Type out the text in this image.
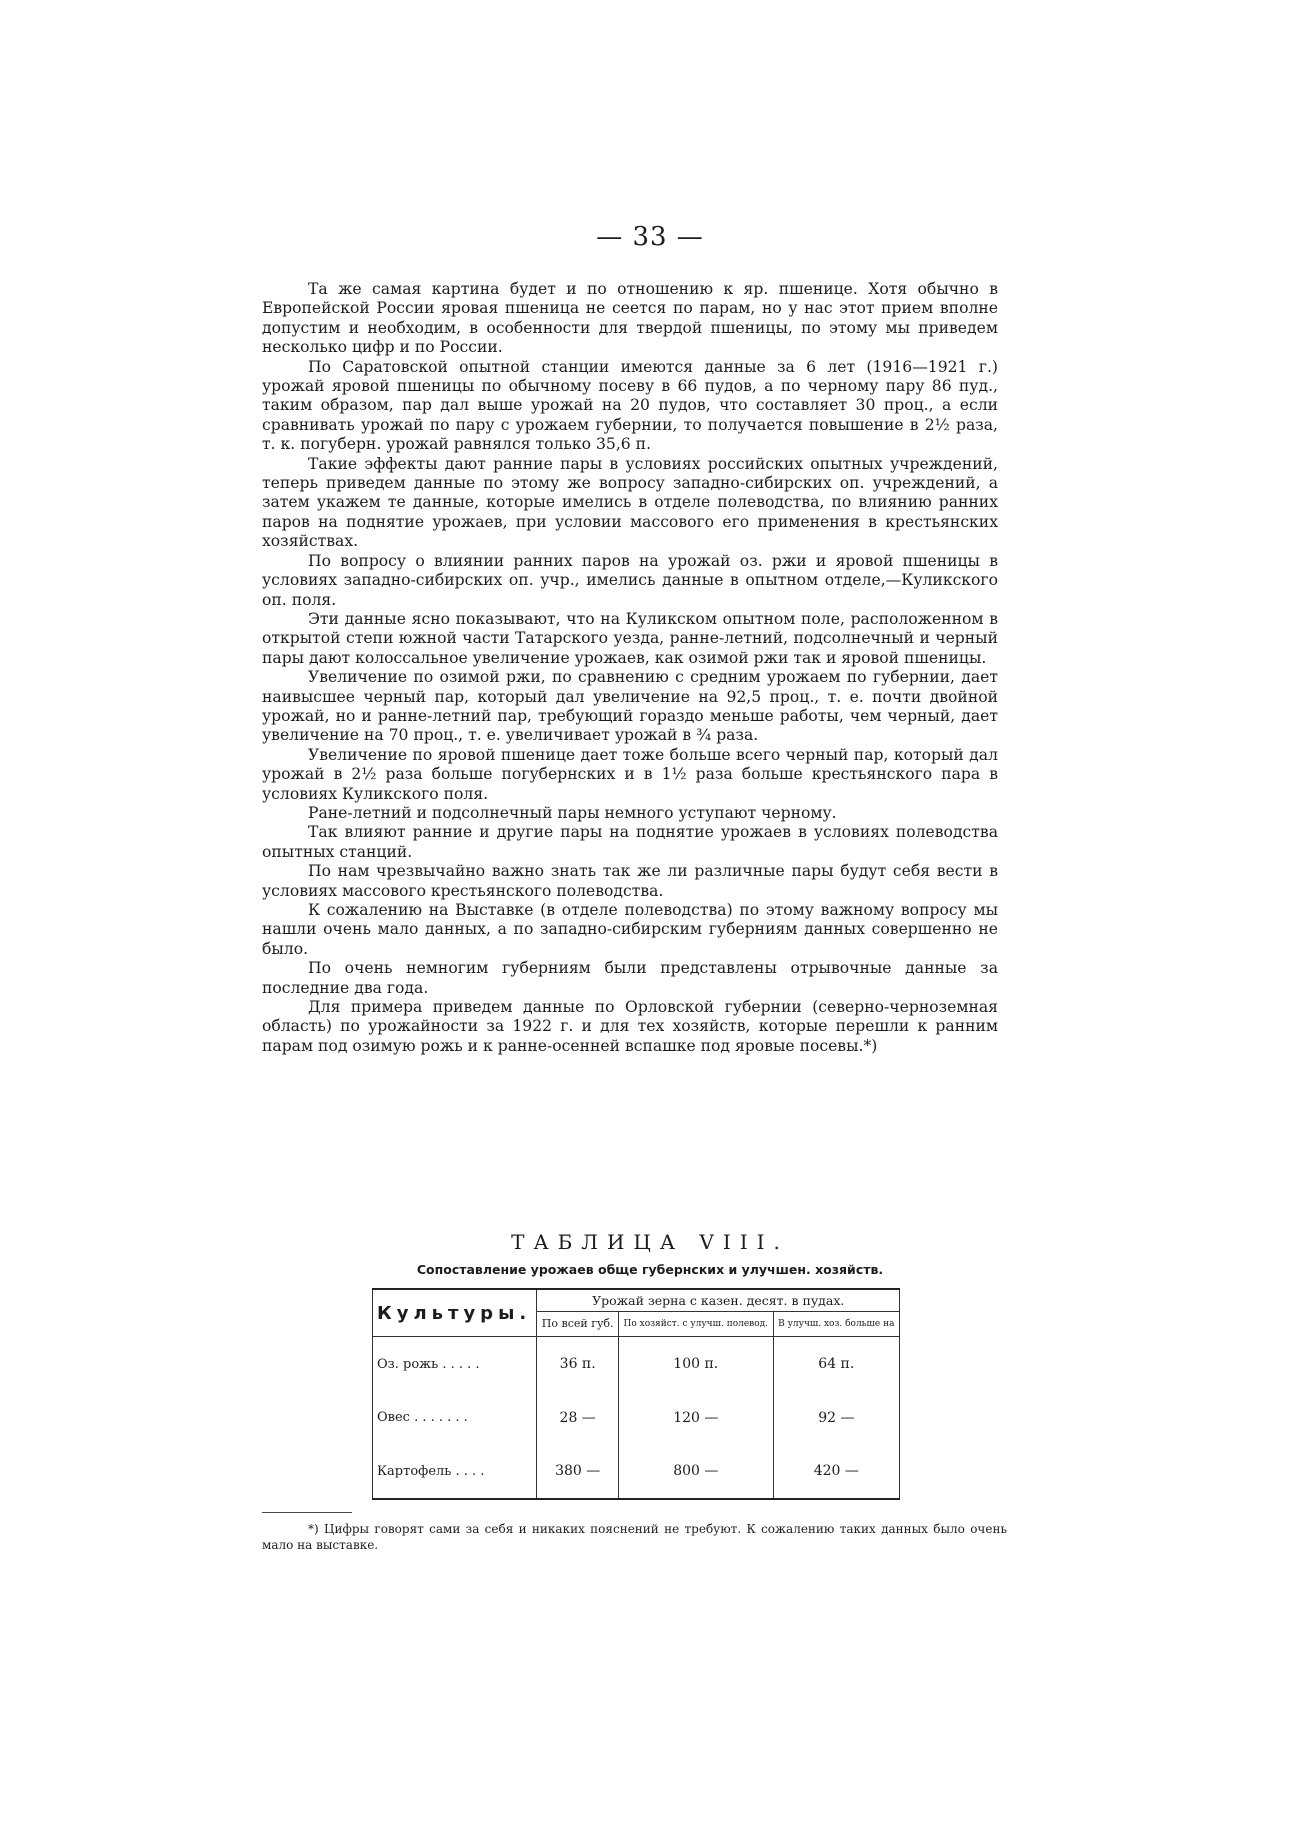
— 33 —

Та же самая картина будет и по отношению к яр. пшенице. Хотя обычно в Европейской России яровая пшеница не сеется по парам, но у нас этот прием вполне допустим и необходим, в особенности для твердой пшеницы, по этому мы приведем несколько цифр и по России.

По Саратовской опытной станции имеются данные за 6 лет (1916—1921 г.) урожай яровой пшеницы по обычному посеву в 66 пудов, а по черному пару 86 пуд., таким образом, пар дал выше урожай на 20 пудов, что составляет 30 проц., а если сравнивать урожай по пару с урожаем губернии, то получается повышение в 2½ раза, т. к. погуберн. урожай равнялся только 35,6 п.

Такие эффекты дают ранние пары в условиях российских опытных учреждений, теперь приведем данные по этому же вопросу западно-сибирских оп. учреждений, а затем укажем те данные, которые имелись в отделе полеводства, по влиянию ранних паров на поднятие урожаев, при условии массового его применения в крестьянских хозяйствах.

По вопросу о влиянии ранних паров на урожай оз. ржи и яровой пшеницы в условиях западно-сибирских оп. учр., имелись данные в опытном отделе,—Куликского оп. поля.

Эти данные ясно показывают, что на Куликском опытном поле, расположенном в открытой степи южной части Татарского уезда, ранне-летний, подсолнечный и черный пары дают колоссальное увеличение урожаев, как озимой ржи так и яровой пшеницы.

Увеличение по озимой ржи, по сравнению с средним урожаем по губернии, дает наивысшее черный пар, который дал увеличение на 92,5 проц., т. е. почти двойной урожай, но и ранне-летний пар, требующий гораздо меньше работы, чем черный, дает увеличение на 70 проц., т. е. увеличивает урожай в ¾ раза.

Увеличение по яровой пшенице дает тоже больше всего черный пар, который дал урожай в 2½ раза больше погубернских и в 1½ раза больше крестьянского пара в условиях Куликского поля.

Ране-летний и подсолнечный пары немного уступают черному.

Так влияют ранние и другие пары на поднятие урожаев в условиях полеводства опытных станций.

По нам чрезвычайно важно знать так же ли различные пары будут себя вести в условиях массового крестьянского полеводства.

К сожалению на Выставке (в отделе полеводства) по этому важному вопросу мы нашли очень мало данных, а по западно-сибирским губерниям данных совершенно не было.

По очень немногим губерниям были представлены отрывочные данные за последние два года.

Для примера приведем данные по Орловской губернии (северно-черноземная область) по урожайности за 1922 г. и для тех хозяйств, которые перешли к ранним парам под озимую рожь и к ранне-осенней вспашке под яровые посевы.*)

ТАБЛИЦА VIII.
Сопоставление урожаев обще губернских и улучшен. хозяйств.
Культуры.	Урожай зерна с казен. десят. в пудах.		
	По всей губ.	По хозяйст. с улучш. полевод.	В улучш. хоз. больше на
Оз. рожь . . . . .	36 п.	100 п.	64 п.
Овес . . . . . . .	28 —	120 —	92 —
Картофель . . . .	380 —	800 —	420 —
*) Цифры говорят сами за себя и никаких пояснений не требуют. К сожалению таких данных было очень мало на выставке.
